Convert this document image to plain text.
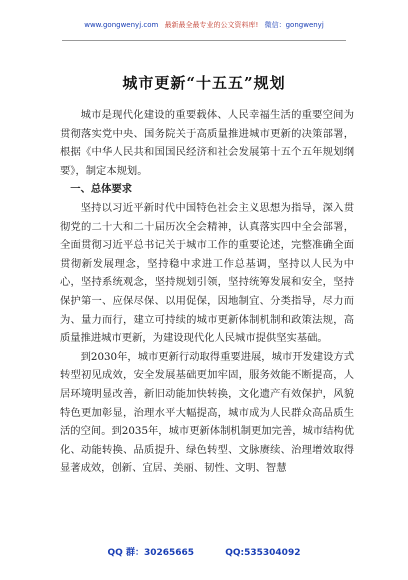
www.gongwenyj.com 最新最全最专业的公文资料库! 微信：gongwenyj
城市更新“十五五”规划

城市是现代化建设的重要载体、人民幸福生活的重要空间为贯彻落实党中央、国务院关于高质量推进城市更新的决策部署，根据《中华人民共和国国民经济和社会发展第十五个五年规划纲要》，制定本规划。

一、总体要求

坚持以习近平新时代中国特色社会主义思想为指导，深入贯彻党的二十大和二十届历次全会精神，认真落实四中全会部署，全面贯彻习近平总书记关于城市工作的重要论述，完整准确全面贯彻新发展理念，坚持稳中求进工作总基调，坚持以人民为中心，坚持系统观念，坚持规划引领，坚持统筹发展和安全，坚持保护第一、应保尽保、以用促保，因地制宜、分类指导，尽力而为、量力而行，建立可持续的城市更新体制机制和政策法规，高质量推进城市更新，为建设现代化人民城市提供坚实基础。

到2030年，城市更新行动取得重要进展，城市开发建设方式转型初见成效，安全发展基础更加牢固，服务效能不断提高，人居环境明显改善，新旧动能加快转换，文化遗产有效保护，风貌特色更加彰显，治理水平大幅提高，城市成为人民群众高品质生活的空间。到2035年，城市更新体制机制更加完善，城市结构优化、动能转换、品质提升、绿色转型、文脉赓续、治理增效取得显著成效，创新、宜居、美丽、韧性、文明、智慧

QQ 群：30265665	QQ:535304092
